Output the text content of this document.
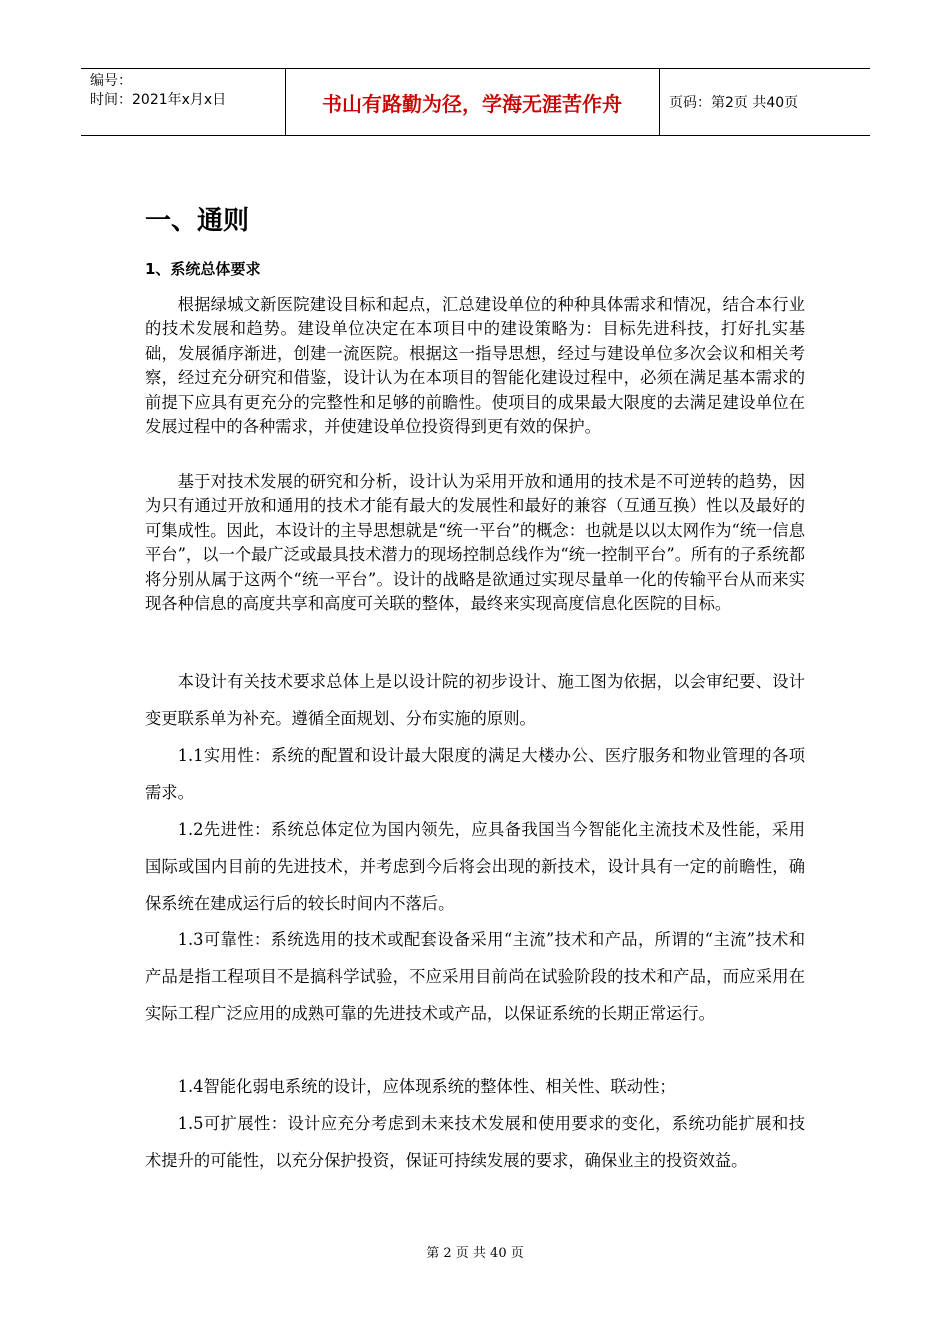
编号：
时间：2021年x月x日	书山有路勤为径，学海无涯苦作舟	页码：第2页 共40页
一、通则
1、系统总体要求

根据绿城文新医院建设目标和起点，汇总建设单位的种种具体需求和情况，结合本行业的技术发展和趋势。建设单位决定在本项目中的建设策略为：目标先进科技，打好扎实基础，发展循序渐进，创建一流医院。根据这一指导思想，经过与建设单位多次会议和相关考察，经过充分研究和借鉴，设计认为在本项目的智能化建设过程中，必须在满足基本需求的前提下应具有更充分的完整性和足够的前瞻性。使项目的成果最大限度的去满足建设单位在发展过程中的各种需求，并使建设单位投资得到更有效的保护。

基于对技术发展的研究和分析，设计认为采用开放和通用的技术是不可逆转的趋势，因为只有通过开放和通用的技术才能有最大的发展性和最好的兼容（互通互换）性以及最好的可集成性。因此，本设计的主导思想就是“统一平台”的概念：也就是以以太网作为“统一信息平台”，以一个最广泛或最具技术潜力的现场控制总线作为“统一控制平台”。所有的子系统都将分别从属于这两个“统一平台”。设计的战略是欲通过实现尽量单一化的传输平台从而来实现各种信息的高度共享和高度可关联的整体，最终来实现高度信息化医院的目标。

本设计有关技术要求总体上是以设计院的初步设计、施工图为依据，以会审纪要、设计变更联系单为补充。遵循全面规划、分布实施的原则。

1.1实用性：系统的配置和设计最大限度的满足大楼办公、医疗服务和物业管理的各项需求。

1.2先进性：系统总体定位为国内领先，应具备我国当今智能化主流技术及性能，采用国际或国内目前的先进技术，并考虑到今后将会出现的新技术，设计具有一定的前瞻性，确保系统在建成运行后的较长时间内不落后。

1.3可靠性：系统选用的技术或配套设备采用“主流”技术和产品，所谓的“主流”技术和产品是指工程项目不是搞科学试验，不应采用目前尚在试验阶段的技术和产品，而应采用在实际工程广泛应用的成熟可靠的先进技术或产品，以保证系统的长期正常运行。

1.4智能化弱电系统的设计，应体现系统的整体性、相关性、联动性；

1.5可扩展性：设计应充分考虑到未来技术发展和使用要求的变化，系统功能扩展和技术提升的可能性，以充分保护投资，保证可持续发展的要求，确保业主的投资效益。

第 2 页 共 40 页
